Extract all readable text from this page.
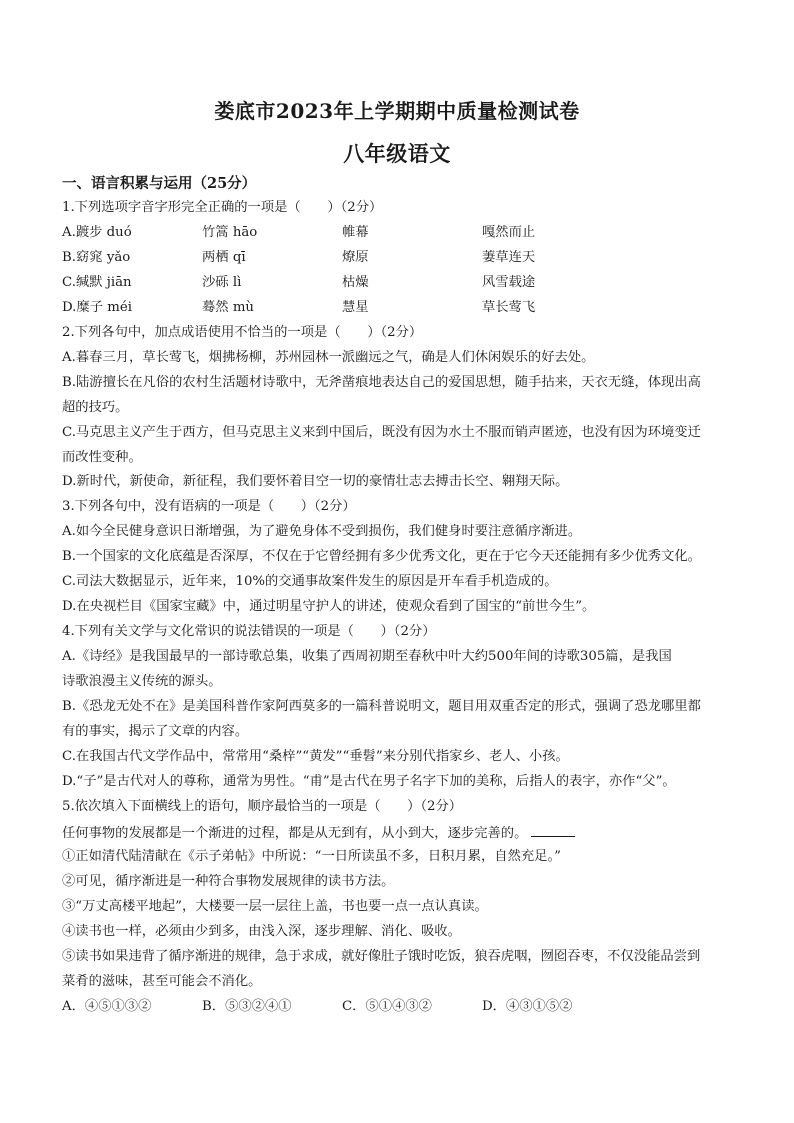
娄底市2023年上学期期中质量检测试卷
八年级语文
一、语言积累与运用（25分）
1.下列选项字音字形完全正确的一项是（　　）（2分）
A.踱步 duó	竹篙 hāo	帷幕	嘎然而止
B.窈窕 yǎo	两栖 qī	燎原	萋草连天
C.缄默 jiān	沙砾 lì	枯燥	风雪载途
D.糜子 méi	蓦然 mù	慧星	草长莺飞
2.下列各句中，加点成语使用不恰当的一项是（　　）（2分）
A.暮春三月，草长莺飞，烟拂杨柳，苏州园林一派幽远之气，确是人们休闲娱乐的好去处。
B.陆游擅长在凡俗的农村生活题材诗歌中，无斧凿痕地表达自己的爱国思想，随手拈来，天衣无缝，体现出高
超的技巧。
C.马克思主义产生于西方，但马克思主义来到中国后，既没有因为水土不服而销声匿迹，也没有因为环境变迁
而改性变种。
D.新时代，新使命，新征程，我们要怀着目空一切的豪情壮志去搏击长空、翱翔天际。
3.下列各句中，没有语病的一项是（　　）（2分）
A.如今全民健身意识日渐增强，为了避免身体不受到损伤，我们健身时要注意循序渐进。
B.一个国家的文化底蕴是否深厚，不仅在于它曾经拥有多少优秀文化，更在于它今天还能拥有多少优秀文化。
C.司法大数据显示，近年来，10%的交通事故案件发生的原因是开车看手机造成的。
D.在央视栏目《国家宝藏》中，通过明星守护人的讲述，使观众看到了国宝的“前世今生”。
4.下列有关文学与文化常识的说法错误的一项是（　　）（2分）
A.《诗经》是我国最早的一部诗歌总集，收集了西周初期至春秋中叶大约500年间的诗歌305篇，是我国
诗歌浪漫主义传统的源头。
B.《恐龙无处不在》是美国科普作家阿西莫多的一篇科普说明文，题目用双重否定的形式，强调了恐龙哪里都
有的事实，揭示了文章的内容。
C.在我国古代文学作品中，常常用“桑梓”“黄发”“垂髫”来分别代指家乡、老人、小孩。
D.“子”是古代对人的尊称，通常为男性。“甫”是古代在男子名字下加的美称，后指人的表字，亦作“父”。
5.依次填入下面横线上的语句，顺序最恰当的一项是（　　）（2分）
任何事物的发展都是一个渐进的过程，都是从无到有，从小到大，逐步完善的。
①正如清代陆清献在《示子弟帖》中所说：“一日所读虽不多，日积月累，自然充足。”
②可见，循序渐进是一种符合事物发展规律的读书方法。
③“万丈高楼平地起”，大楼要一层一层往上盖，书也要一点一点认真读。
④读书也一样，必须由少到多，由浅入深，逐步理解、消化、吸收。
⑤读书如果违背了循序渐进的规律，急于求成，就好像肚子饿时吃饭，狼吞虎咽，囫囵吞枣，不仅没能品尝到
菜肴的滋味，甚至可能会不消化。
A．④⑤①③②	B．⑤③②④①	C．⑤①④③②	D．④③①⑤②
